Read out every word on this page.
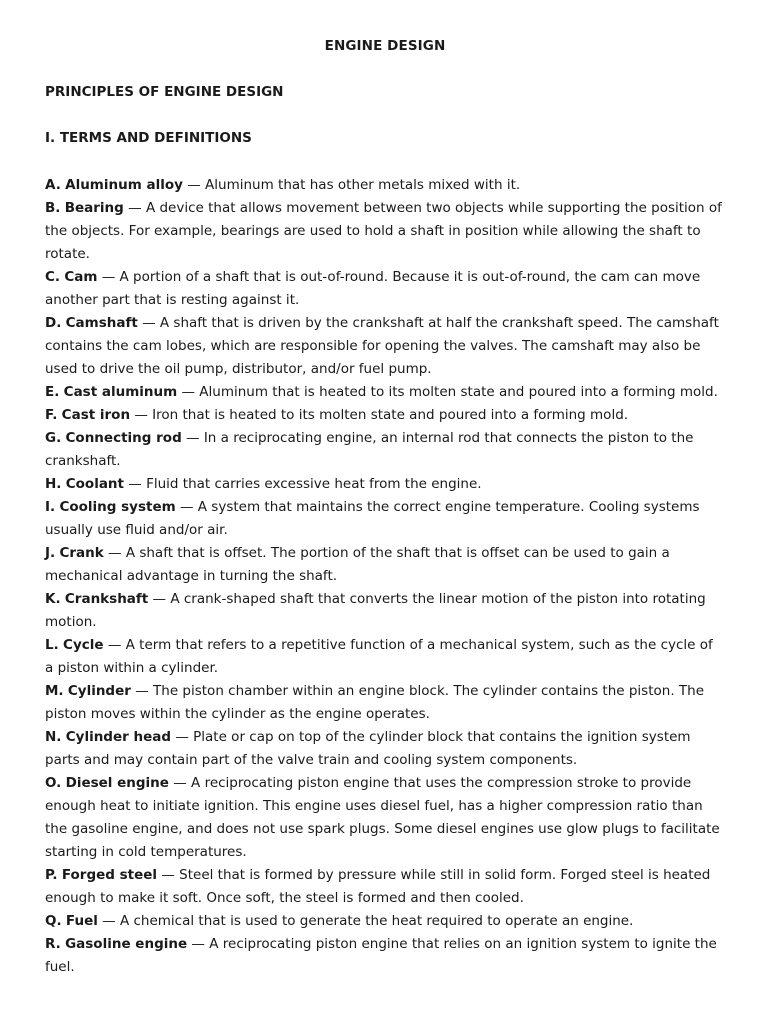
ENGINE DESIGN
PRINCIPLES OF ENGINE DESIGN
I. TERMS AND DEFINITIONS
A. Aluminum alloy — Aluminum that has other metals mixed with it.
B. Bearing — A device that allows movement between two objects while supporting the position of the objects. For example, bearings are used to hold a shaft in position while allowing the shaft to rotate.
C. Cam — A portion of a shaft that is out-of-round. Because it is out-of-round, the cam can move another part that is resting against it.
D. Camshaft — A shaft that is driven by the crankshaft at half the crankshaft speed. The camshaft contains the cam lobes, which are responsible for opening the valves. The camshaft may also be used to drive the oil pump, distributor, and/or fuel pump.
E. Cast aluminum — Aluminum that is heated to its molten state and poured into a forming mold.
F. Cast iron — Iron that is heated to its molten state and poured into a forming mold.
G. Connecting rod — In a reciprocating engine, an internal rod that connects the piston to the crankshaft.
H. Coolant — Fluid that carries excessive heat from the engine.
I. Cooling system — A system that maintains the correct engine temperature. Cooling systems usually use fluid and/or air.
J. Crank — A shaft that is offset. The portion of the shaft that is offset can be used to gain a mechanical advantage in turning the shaft.
K. Crankshaft — A crank-shaped shaft that converts the linear motion of the piston into rotating motion.
L. Cycle — A term that refers to a repetitive function of a mechanical system, such as the cycle of a piston within a cylinder.
M. Cylinder — The piston chamber within an engine block. The cylinder contains the piston. The piston moves within the cylinder as the engine operates.
N. Cylinder head — Plate or cap on top of the cylinder block that contains the ignition system parts and may contain part of the valve train and cooling system components.
O. Diesel engine — A reciprocating piston engine that uses the compression stroke to provide enough heat to initiate ignition. This engine uses diesel fuel, has a higher compression ratio than the gasoline engine, and does not use spark plugs. Some diesel engines use glow plugs to facilitate starting in cold temperatures.
P. Forged steel — Steel that is formed by pressure while still in solid form. Forged steel is heated enough to make it soft. Once soft, the steel is formed and then cooled.
Q. Fuel — A chemical that is used to generate the heat required to operate an engine.
R. Gasoline engine — A reciprocating piston engine that relies on an ignition system to ignite the fuel.
